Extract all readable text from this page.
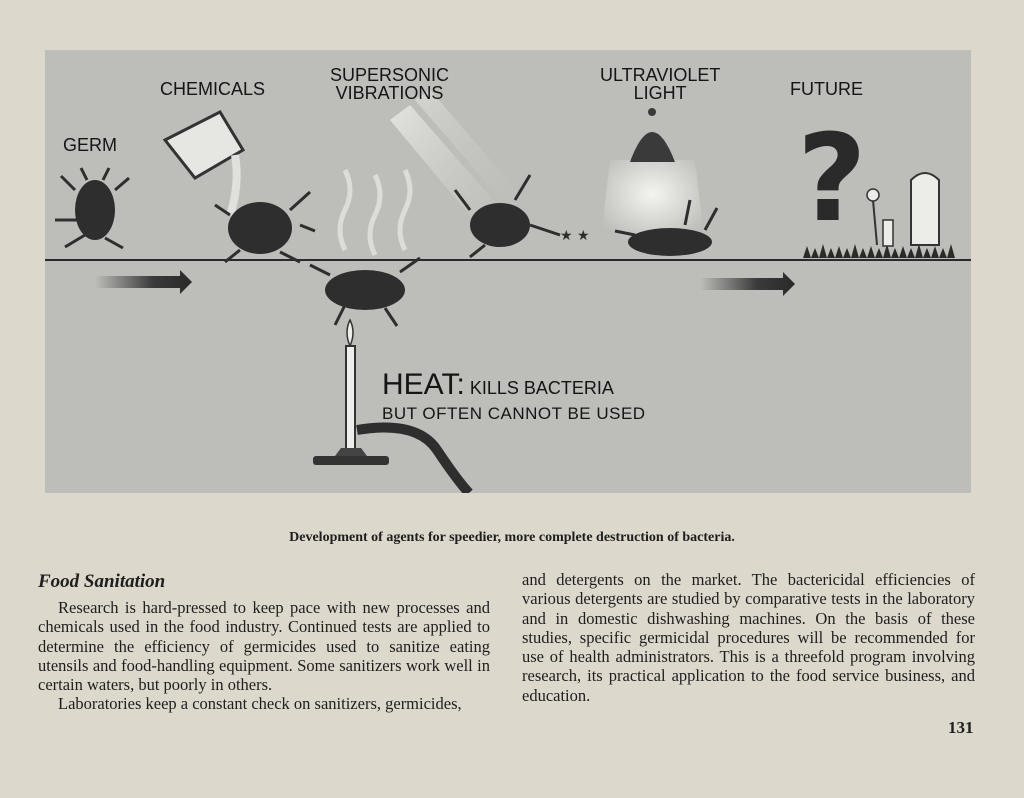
★ ★ ?
CHEMICALS
SUPERSONIC
VIBRATIONS
ULTRAVIOLET
LIGHT	FUTURE
GERM
HEAT: KILLS BACTERIA
BUT OFTEN CANNOT BE USED
Development of agents for speedier, more complete destruction of bacteria.
Food Sanitation

Research is hard-pressed to keep pace with new processes and chemicals used in the food industry. Continued tests are applied to determine the efficiency of germicides used to sanitize eating utensils and food-handling equipment. Some sanitizers work well in certain waters, but poorly in others.

Laboratories keep a constant check on sanitizers, germicides,

and detergents on the market. The bactericidal efficiencies of various detergents are studied by comparative tests in the laboratory and in domestic dishwashing machines. On the basis of these studies, specific germicidal procedures will be recommended for use of health administrators. This is a threefold program involving research, its practical application to the food service business, and education.

131
